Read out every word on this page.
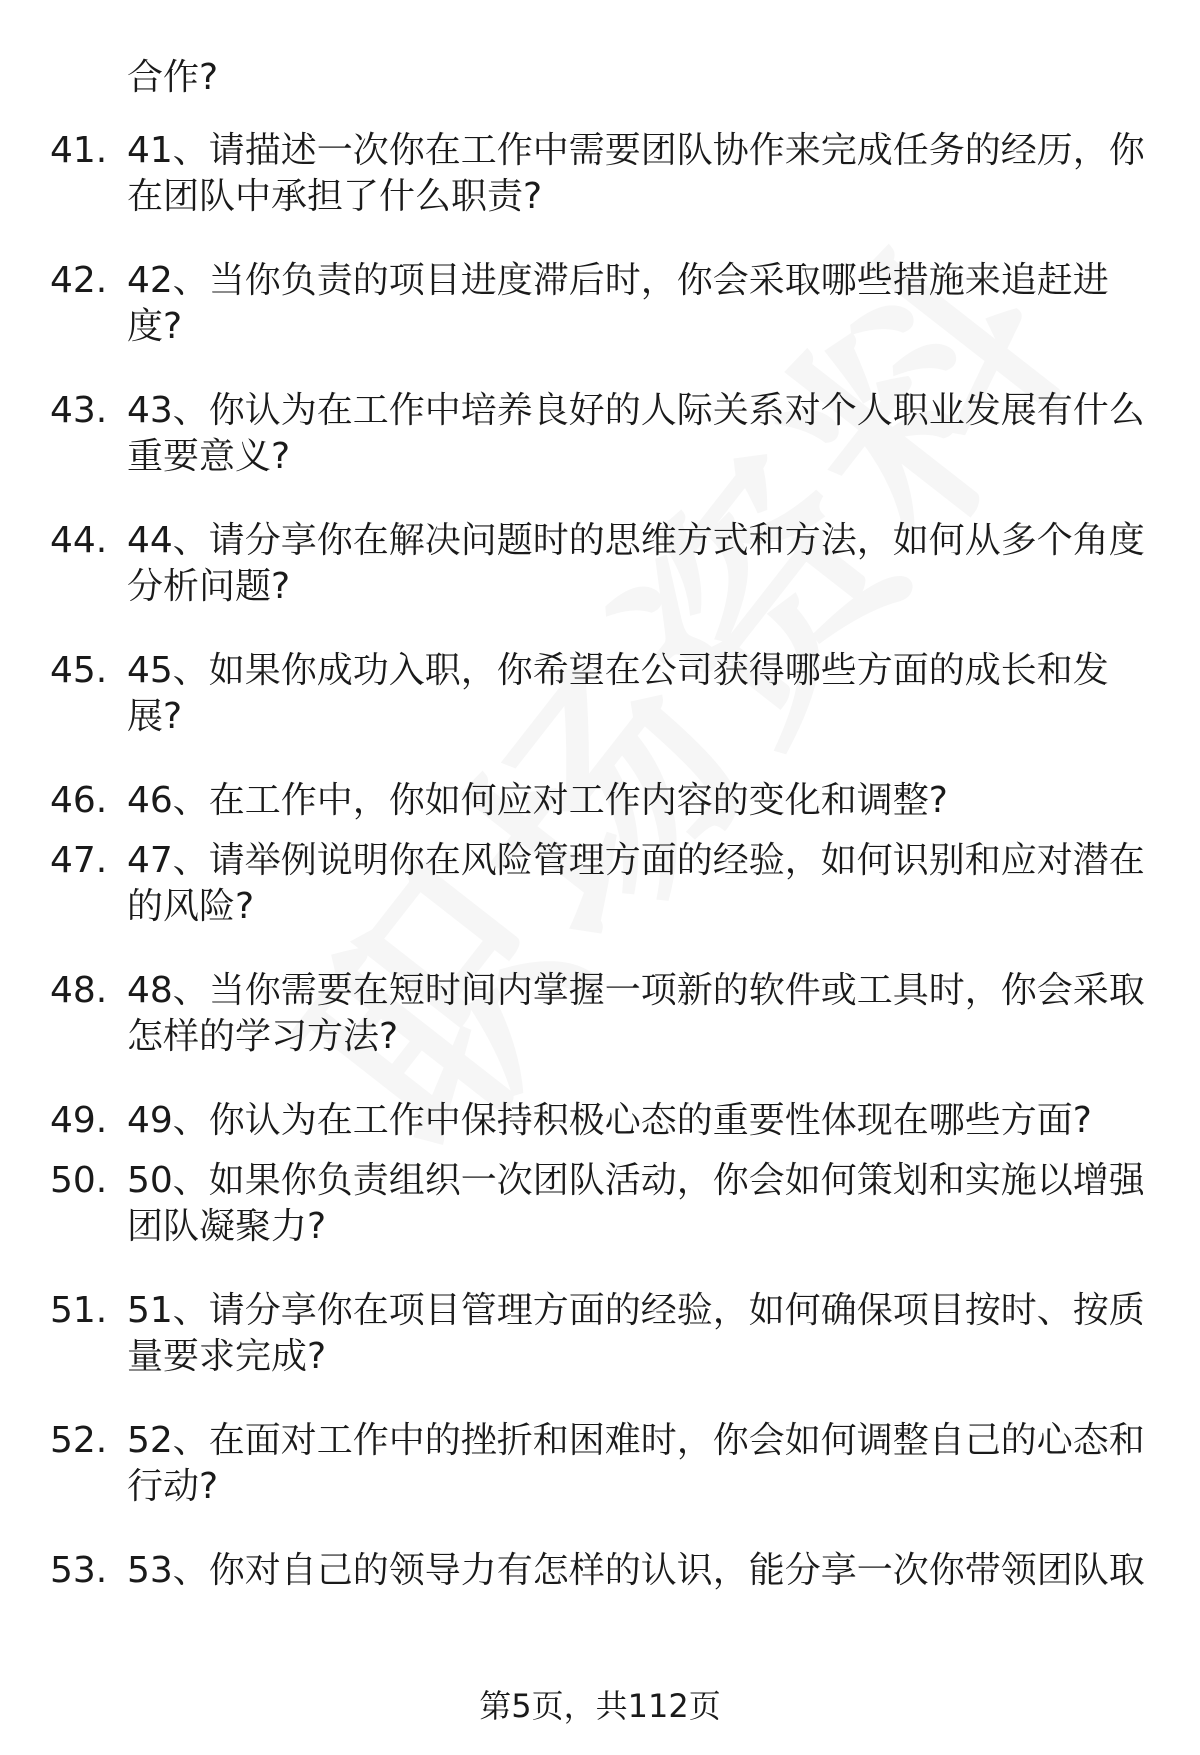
合作?
41. 41、请描述一次你在工作中需要团队协作来完成任务的经历，你
在团队中承担了什么职责?
42. 42、当你负责的项目进度滞后时，你会采取哪些措施来追赶进
度?
43. 43、你认为在工作中培养良好的人际关系对个人职业发展有什么
重要意义?
44. 44、请分享你在解决问题时的思维方式和方法，如何从多个角度
分析问题?
45. 45、如果你成功入职，你希望在公司获得哪些方面的成长和发
展?
46. 46、在工作中，你如何应对工作内容的变化和调整?
47. 47、请举例说明你在风险管理方面的经验，如何识别和应对潜在
的风险?
48. 48、当你需要在短时间内掌握一项新的软件或工具时，你会采取
怎样的学习方法?
49. 49、你认为在工作中保持积极心态的重要性体现在哪些方面?
50. 50、如果你负责组织一次团队活动，你会如何策划和实施以增强
团队凝聚力?
51. 51、请分享你在项目管理方面的经验，如何确保项目按时、按质
量要求完成?
52. 52、在面对工作中的挫折和困难时，你会如何调整自己的心态和
行动?
53. 53、你对自己的领导力有怎样的认识，能分享一次你带领团队取
第5页，共112页
